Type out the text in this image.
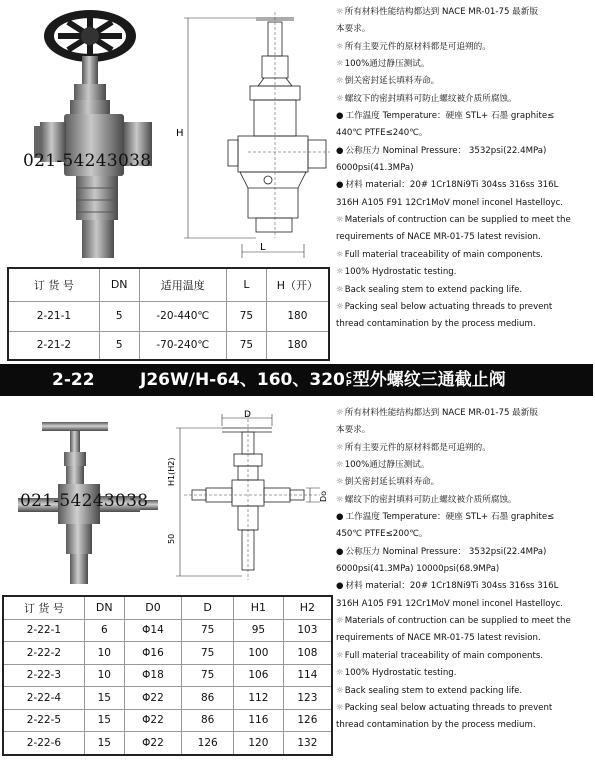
021-54243038
H
L
☼所有材料性能结构都达到 NACE MR-01-75 最新版
本要求。
☼所有主要元件的原材料都是可追朔的。
☼100%通过静压测试。
☼倒关密封延长填料寿命。
☼螺纹下的密封填料可防止螺纹被介质所腐蚀。
● 工作温度 Temperature：硬座 STL+ 石墨 graphite≤
440℃ PTFE≤240℃。
● 公称压力 Nominal Pressure： 3532psi(22.4MPa)
6000psi(41.3MPa)
● 材料 material：20# 1Cr18Ni9Ti 304ss 316ss 316L
316H A105 F91 12Cr1MoV monel inconel Hastelloyc.
☼Materials of contruction can be supplied to meet the
requirements of NACE MR-01-75 latest revision.
☼Full material traceability of main components.
☼100% Hydrostatic testing.
☼Back sealing stem to extend packing life.
☼Packing seal below actuating threads to prevent
thread contamination by the process medium.
订 货 号	DN	适用温度	L	H（开）
2-21-1	5	-20-440℃	75	180
2-21-2	5	-70-240℃	75	180
2-22	J26W/H-64、160、320C
P型外螺纹三通截止阀
021-54243038
D
H1(H2)
50
Do
☼所有材料性能结构都达到 NACE MR-01-75 最新版
本要求。
☼所有主要元件的原材料都是可追朔的。
☼100%通过静压测试。
☼倒关密封延长填料寿命。
☼螺纹下的密封填料可防止螺纹被介质所腐蚀。
● 工作温度 Temperature：硬座 STL+ 石墨 graphite≤
450℃ PTFE≤200℃。
● 公称压力 Nominal Pressure： 3532psi(22.4MPa)
6000psi(41.3MPa) 10000psi(68.9MPa)
● 材料 material：20# 1Cr18Ni9Ti 304ss 316ss 316L
316H A105 F91 12Cr1MoV monel inconel Hastelloyc.
☼Materials of contruction can be supplied to meet the
requirements of NACE MR-01-75 latest revision.
☼Full material traceability of main components.
☼100% Hydrostatic testing.
☼Back sealing stem to extend packing life.
☼Packing seal below actuating threads to prevent
thread contamination by the process medium.
订 货 号	DN	D0	D	H1	H2
2-22-1	6	Φ14	75	95	103
2-22-2	10	Φ16	75	100	108
2-22-3	10	Φ18	75	106	114
2-22-4	15	Φ22	86	112	123
2-22-5	15	Φ22	86	116	126
2-22-6	15	Φ22	126	120	132
